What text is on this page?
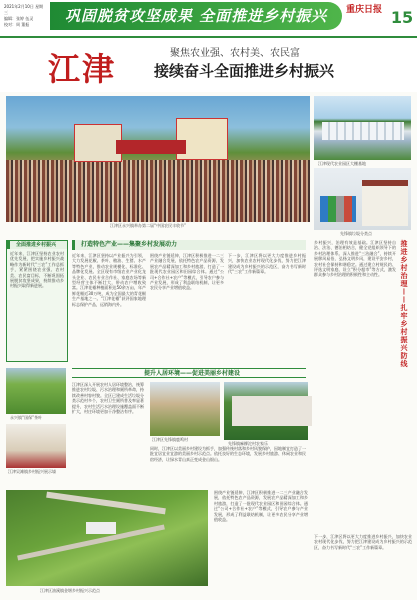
2021年2月10日 星期三
编辑：张婷 伍灵
校对：周 董振	巩固脱贫攻坚成果 全面推进乡村振兴	重庆日报 15
江津	聚焦农业强、农村美、农民富
接续奋斗全面推进乡村振兴
江津区永兴镇举办第二届“中国农民丰收节”
江津现代农业园区大棚基地
先锋镇垃圾分类点
全面推进乡村振兴
近年来，江津区坚持农业农村优先发展，把实施乡村振兴战略作为新时代“三农”工作总抓手，紧紧围绕农业强、农村美、农民富目标，不断巩固拓展脱贫攻坚成果，持续推动乡村振兴取得新进展。
打造特色产业——集聚乡村发展动力
近年来，江津区坚持以产业振兴为引领，大力发展花椒、茶叶、粮油、生猪、水产等特色产业，推动农业规模化、标准化、品牌化发展。全区现有市级农业产业化龙头企业、农民专业合作社、家庭农场等新型经营主体不断壮大，带动农户增收致富。江津花椒种植面积达50余万亩，年产鲜花椒近30万吨，成为全国最大的青花椒生产基地之一。“江津花椒”获评国家地理标志保护产品，远销海内外。
围绕产业链延伸，江津区积极推进一二三产业融合发展，依托特色农产品资源，发展农产品精深加工和乡村旅游，打造了一批现代农业园区和田园综合体。通过“公司+合作社+农户”等模式，引导农户参与产业发展，形成了利益联结机制，让更多农民分享产业增值收益。
下一步，江津区将以更大力度推进乡村振兴，加快农业农村现代化步伐，努力把江津建设成为乡村振兴的示范区，奋力书写新时代“三农”工作新篇章。	推进乡村治理——扎牢乡村振兴防线
乡村振兴，治理有效是基础。江津区坚持自治、法治、德治相结合，健全党组织领导下的乡村治理体系。深入推进“三治融合”，持续开展移风易俗，弘扬文明乡风，建设平安乡村，农村社会保持和谐稳定。通过建立村规民约、评选文明家庭、设立“积分超市”等方式，激发群众参与乡村治理的积极性和主动性。
提升人居环境——促进美丽乡村建设
永兴镇“国保”茶叶
江津吴滩镇乡村振兴展示墙
江津区深入开展农村人居环境整治，统筹推进农村垃圾、污水治理和厕所革命，持续改善村容村貌。全区已建成生活垃圾分类示范村多个，农村卫生厕所普及率显著提升，农村生活污水治理设施覆盖面不断扩大，村庄环境更加干净整洁有序。
江津区先锋镇鹿鸣村
先锋镇麻柳沱村农家乐
同时，江津区以美丽乡村建设为抓手，加强传统村落和乡村风貌保护，因地制宜打造了一批宜居宜业宜游的美丽乡村示范点。依托良好的生态环境，发展乡村旅游、休闲农业和民宿经济，让绿水青山真正变成金山银山。
江津区油溪镇金堰乡村振兴示范点
围绕产业链延伸，江津区积极推进一二三产业融合发展，依托特色农产品资源，发展农产品精深加工和乡村旅游，打造了一批现代农业园区和田园综合体。通过“公司+合作社+农户”等模式，引导农户参与产业发展，形成了利益联结机制，让更多农民分享产业增值收益。
下一步，江津区将以更大力度推进乡村振兴，加快农业农村现代化步伐，努力把江津建设成为乡村振兴的示范区，奋力书写新时代“三农”工作新篇章。
